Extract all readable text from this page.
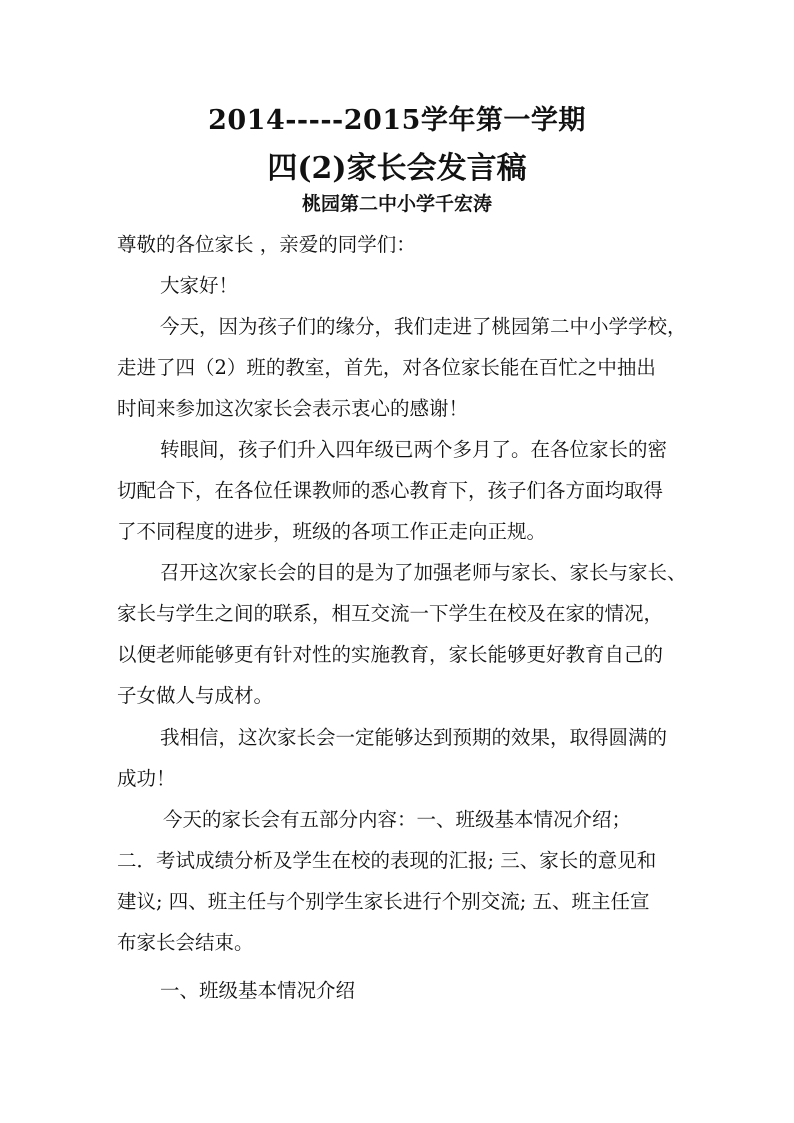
2014-----2015学年第一学期
四(2)家长会发言稿
桃园第二中小学千宏涛
尊敬的各位家长 ，亲爱的同学们：
大家好！
今天，因为孩子们的缘分，我们走进了桃园第二中小学学校，
走进了四（2）班的教室，首先，对各位家长能在百忙之中抽出
时间来参加这次家长会表示衷心的感谢！
转眼间，孩子们升入四年级已两个多月了。在各位家长的密
切配合下，在各位任课教师的悉心教育下，孩子们各方面均取得
了不同程度的进步，班级的各项工作正走向正规。
召开这次家长会的目的是为了加强老师与家长、家长与家长、
家长与学生之间的联系，相互交流一下学生在校及在家的情况，
以便老师能够更有针对性的实施教育，家长能够更好教育自己的
子女做人与成材。
我相信，这次家长会一定能够达到预期的效果，取得圆满的
成功！
今天的家长会有五部分内容：一、班级基本情况介绍；
二．考试成绩分析及学生在校的表现的汇报; 三、家长的意见和
建议; 四、班主任与个别学生家长进行个别交流; 五、班主任宣
布家长会结束。
一、班级基本情况介绍
